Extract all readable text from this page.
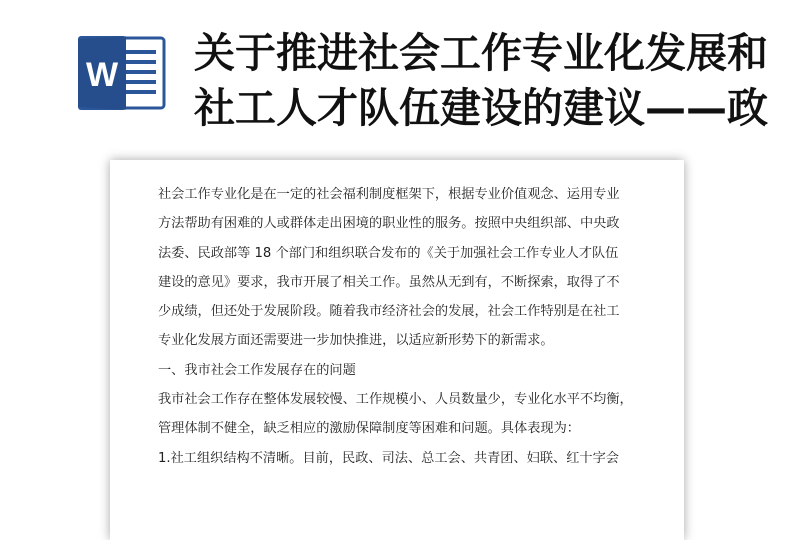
W 关于推进社会工作专业化发展和
社工人才队伍建设的建议——政
社会工作专业化是在一定的社会福利制度框架下，根据专业价值观念、运用专业
方法帮助有困难的人或群体走出困境的职业性的服务。按照中央组织部、中央政
法委、民政部等 18 个部门和组织联合发布的《关于加强社会工作专业人才队伍
建设的意见》要求，我市开展了相关工作。虽然从无到有，不断探索，取得了不
少成绩，但还处于发展阶段。随着我市经济社会的发展，社会工作特别是在社工
专业化发展方面还需要进一步加快推进，以适应新形势下的新需求。
一、我市社会工作发展存在的问题
我市社会工作存在整体发展较慢、工作规模小、人员数量少，专业化水平不均衡，
管理体制不健全，缺乏相应的激励保障制度等困难和问题。具体表现为：
1.社工组织结构不清晰。目前，民政、司法、总工会、共青团、妇联、红十字会
